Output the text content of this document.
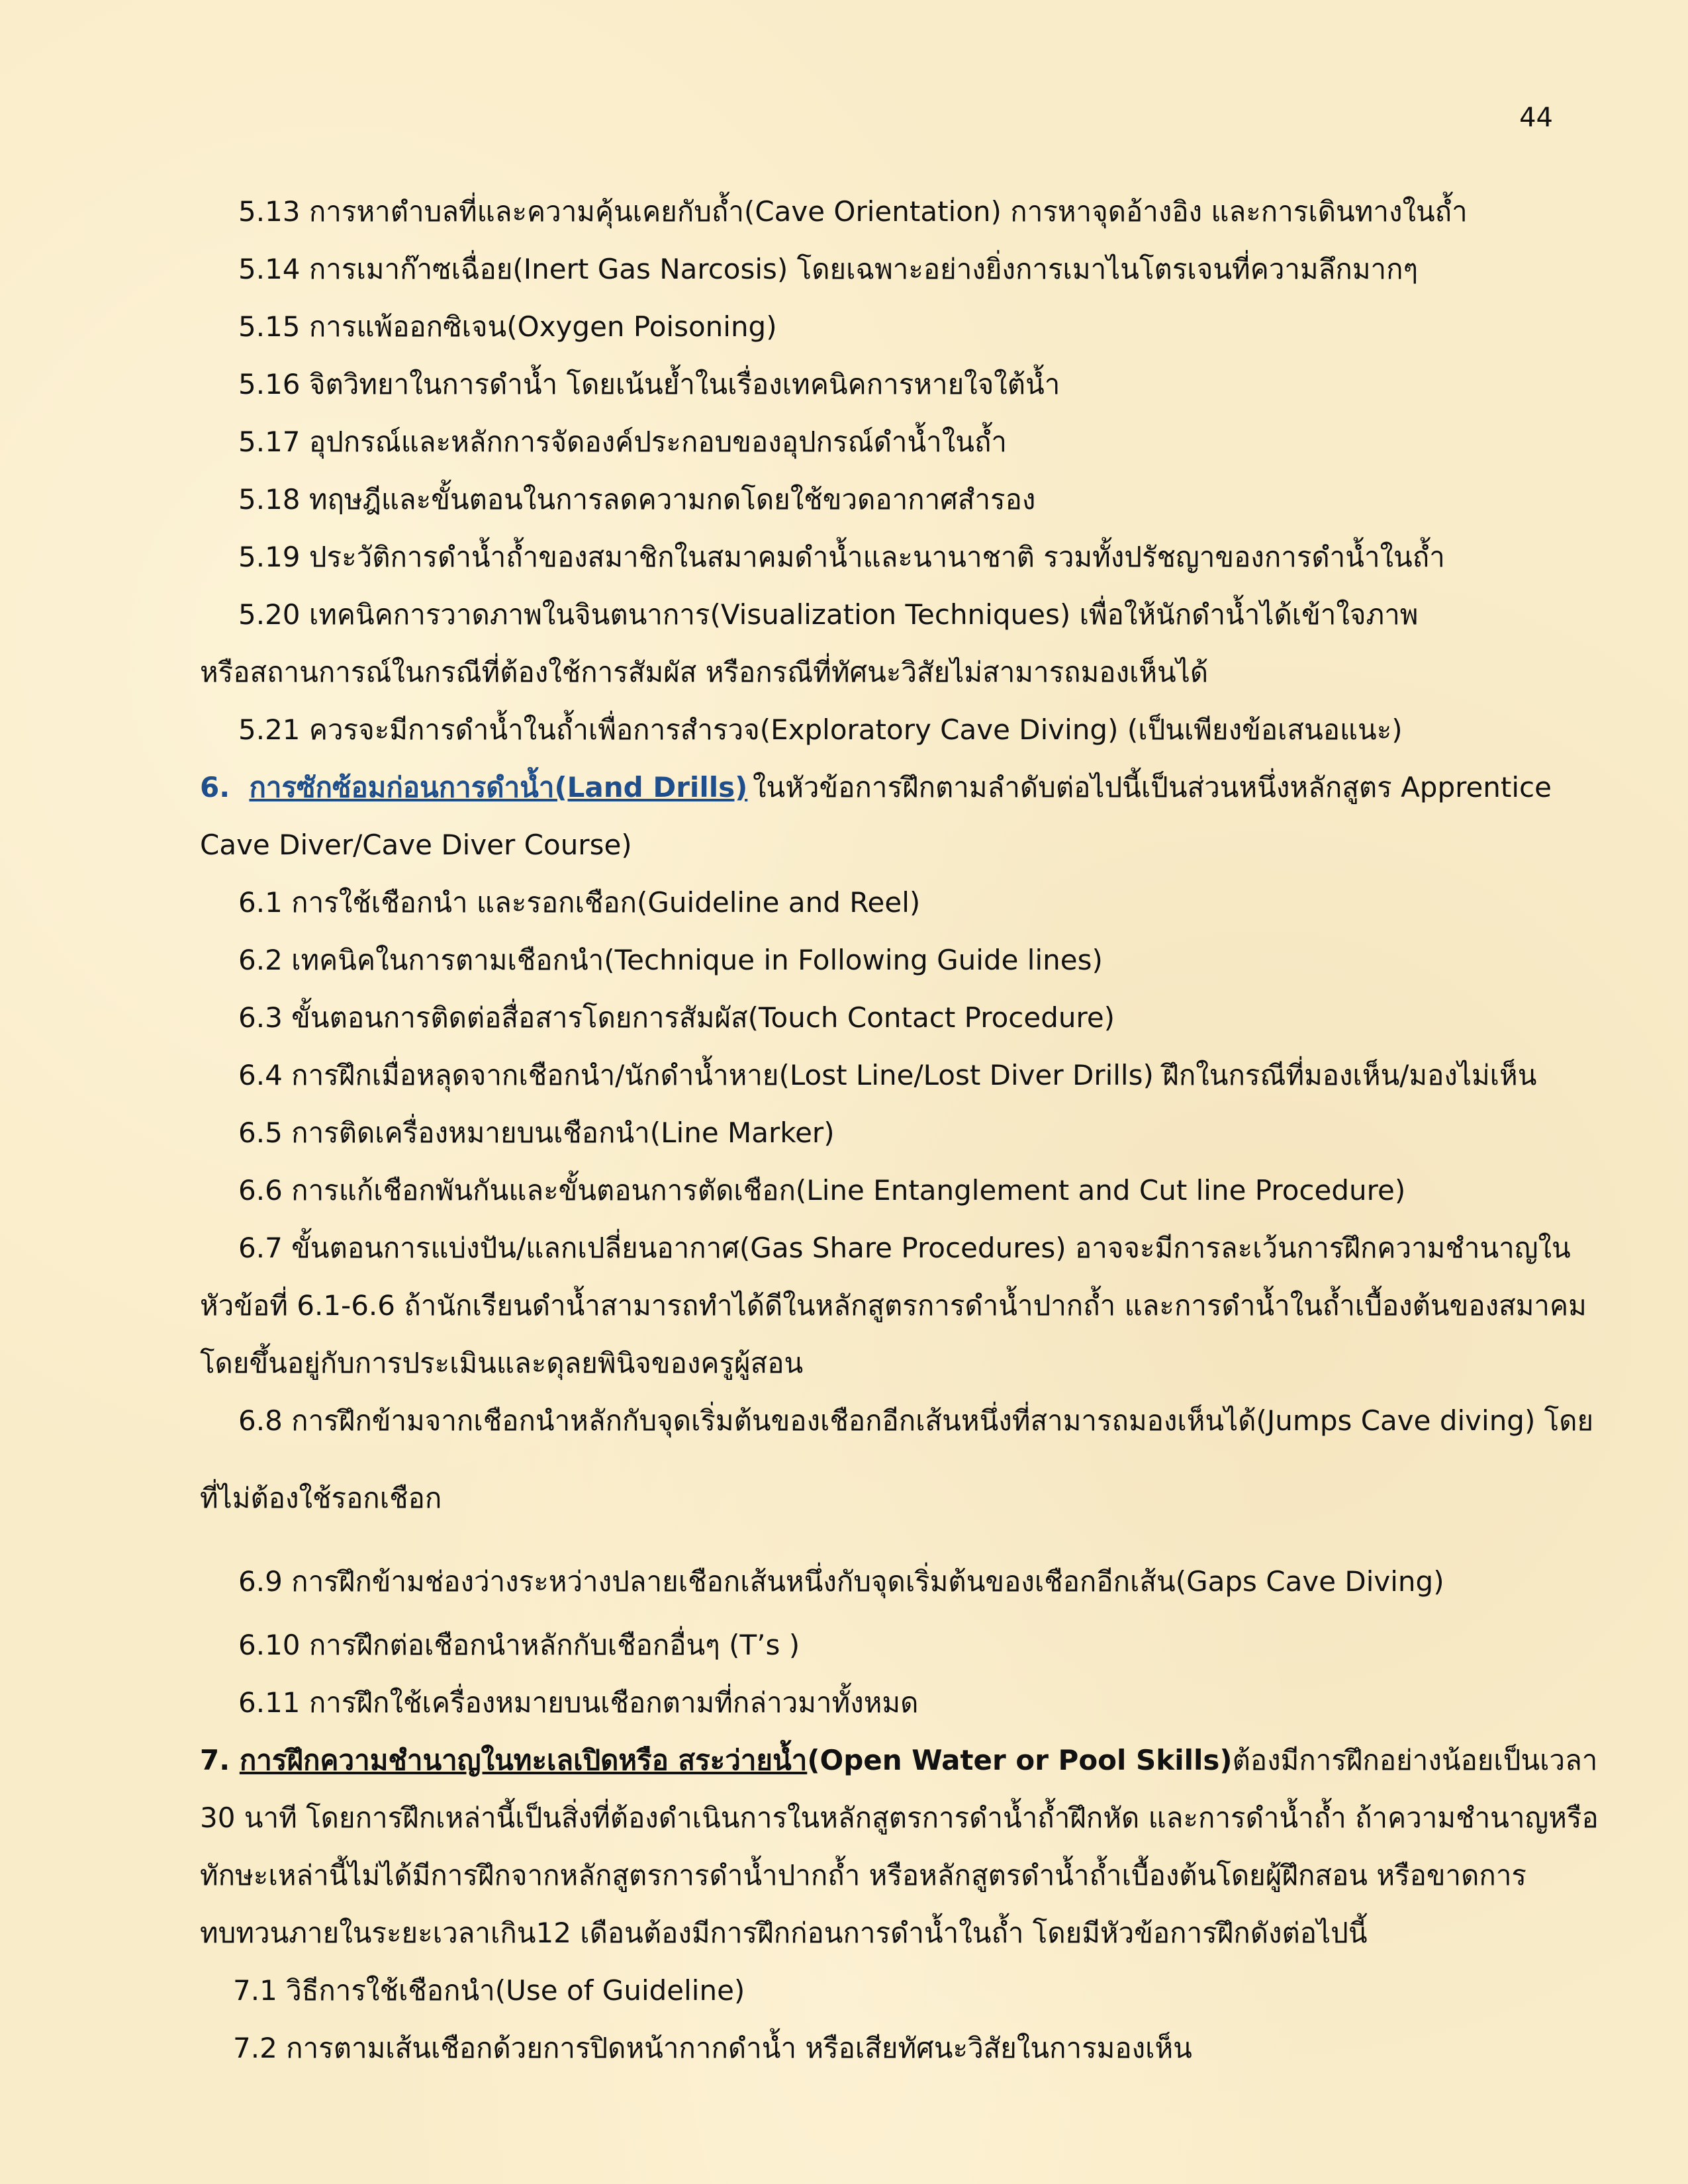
44
5.13 การหาตำบลที่และความคุ้นเคยกับถ้ำ(Cave Orientation) การหาจุดอ้างอิง และการเดินทางในถ้ำ
5.14 การเมาก๊าซเฉื่อย(Inert Gas Narcosis) โดยเฉพาะอย่างยิ่งการเมาไนโตรเจนที่ความลึกมากๆ
5.15 การแพ้ออกซิเจน(Oxygen Poisoning)
5.16 จิตวิทยาในการดำน้ำ โดยเน้นย้ำในเรื่องเทคนิคการหายใจใต้น้ำ
5.17 อุปกรณ์และหลักการจัดองค์ประกอบของอุปกรณ์ดำน้ำในถ้ำ
5.18 ทฤษฎีและขั้นตอนในการลดความกดโดยใช้ขวดอากาศสำรอง
5.19 ประวัติการดำน้ำถ้ำของสมาชิกในสมาคมดำน้ำและนานาชาติ รวมทั้งปรัชญาของการดำน้ำในถ้ำ
5.20 เทคนิคการวาดภาพในจินตนาการ(Visualization Techniques) เพื่อให้นักดำน้ำได้เข้าใจภาพ
หรือสถานการณ์ในกรณีที่ต้องใช้การสัมผัส หรือกรณีที่ทัศนะวิสัยไม่สามารถมองเห็นได้
5.21 ควรจะมีการดำน้ำในถ้ำเพื่อการสำรวจ(Exploratory Cave Diving) (เป็นเพียงข้อเสนอแนะ)
6. การซักซ้อมก่อนการดำน้ำ(Land Drills) ในหัวข้อการฝึกตามลำดับต่อไปนี้เป็นส่วนหนึ่งหลักสูตร Apprentice
Cave Diver/Cave Diver Course)
6.1 การใช้เชือกนำ และรอกเชือก(Guideline and Reel)
6.2 เทคนิคในการตามเชือกนำ(Technique in Following Guide lines)
6.3 ขั้นตอนการติดต่อสื่อสารโดยการสัมผัส(Touch Contact Procedure)
6.4 การฝึกเมื่อหลุดจากเชือกนำ/นักดำน้ำหาย(Lost Line/Lost Diver Drills) ฝึกในกรณีที่มองเห็น/มองไม่เห็น
6.5 การติดเครื่องหมายบนเชือกนำ(Line Marker)
6.6 การแก้เชือกพันกันและขั้นตอนการตัดเชือก(Line Entanglement and Cut line Procedure)
6.7 ขั้นตอนการแบ่งปัน/แลกเปลี่ยนอากาศ(Gas Share Procedures) อาจจะมีการละเว้นการฝึกความชำนาญใน
หัวข้อที่ 6.1-6.6 ถ้านักเรียนดำน้ำสามารถทำได้ดีในหลักสูตรการดำน้ำปากถ้ำ และการดำน้ำในถ้ำเบื้องต้นของสมาคม
โดยขึ้นอยู่กับการประเมินและดุลยพินิจของครูผู้สอน
6.8 การฝึกข้ามจากเชือกนำหลักกับจุดเริ่มต้นของเชือกอีกเส้นหนึ่งที่สามารถมองเห็นได้(Jumps Cave diving) โดย
ที่ไม่ต้องใช้รอกเชือก
6.9 การฝึกข้ามช่องว่างระหว่างปลายเชือกเส้นหนึ่งกับจุดเริ่มต้นของเชือกอีกเส้น(Gaps Cave Diving)
6.10 การฝึกต่อเชือกนำหลักกับเชือกอื่นๆ (T’s )
6.11 การฝึกใช้เครื่องหมายบนเชือกตามที่กล่าวมาทั้งหมด
7. การฝึกความชำนาญในทะเลเปิดหรือ สระว่ายน้ำ(Open Water or Pool Skills)ต้องมีการฝึกอย่างน้อยเป็นเวลา
30 นาที โดยการฝึกเหล่านี้เป็นสิ่งที่ต้องดำเนินการในหลักสูตรการดำน้ำถ้ำฝึกหัด และการดำน้ำถ้ำ ถ้าความชำนาญหรือ
ทักษะเหล่านี้ไม่ได้มีการฝึกจากหลักสูตรการดำน้ำปากถ้ำ หรือหลักสูตรดำน้ำถ้ำเบื้องต้นโดยผู้ฝึกสอน หรือขาดการ
ทบทวนภายในระยะเวลาเกิน12 เดือนต้องมีการฝึกก่อนการดำน้ำในถ้ำ โดยมีหัวข้อการฝึกดังต่อไปนี้
7.1 วิธีการใช้เชือกนำ(Use of Guideline)
7.2 การตามเส้นเชือกด้วยการปิดหน้ากากดำน้ำ หรือเสียทัศนะวิสัยในการมองเห็น
